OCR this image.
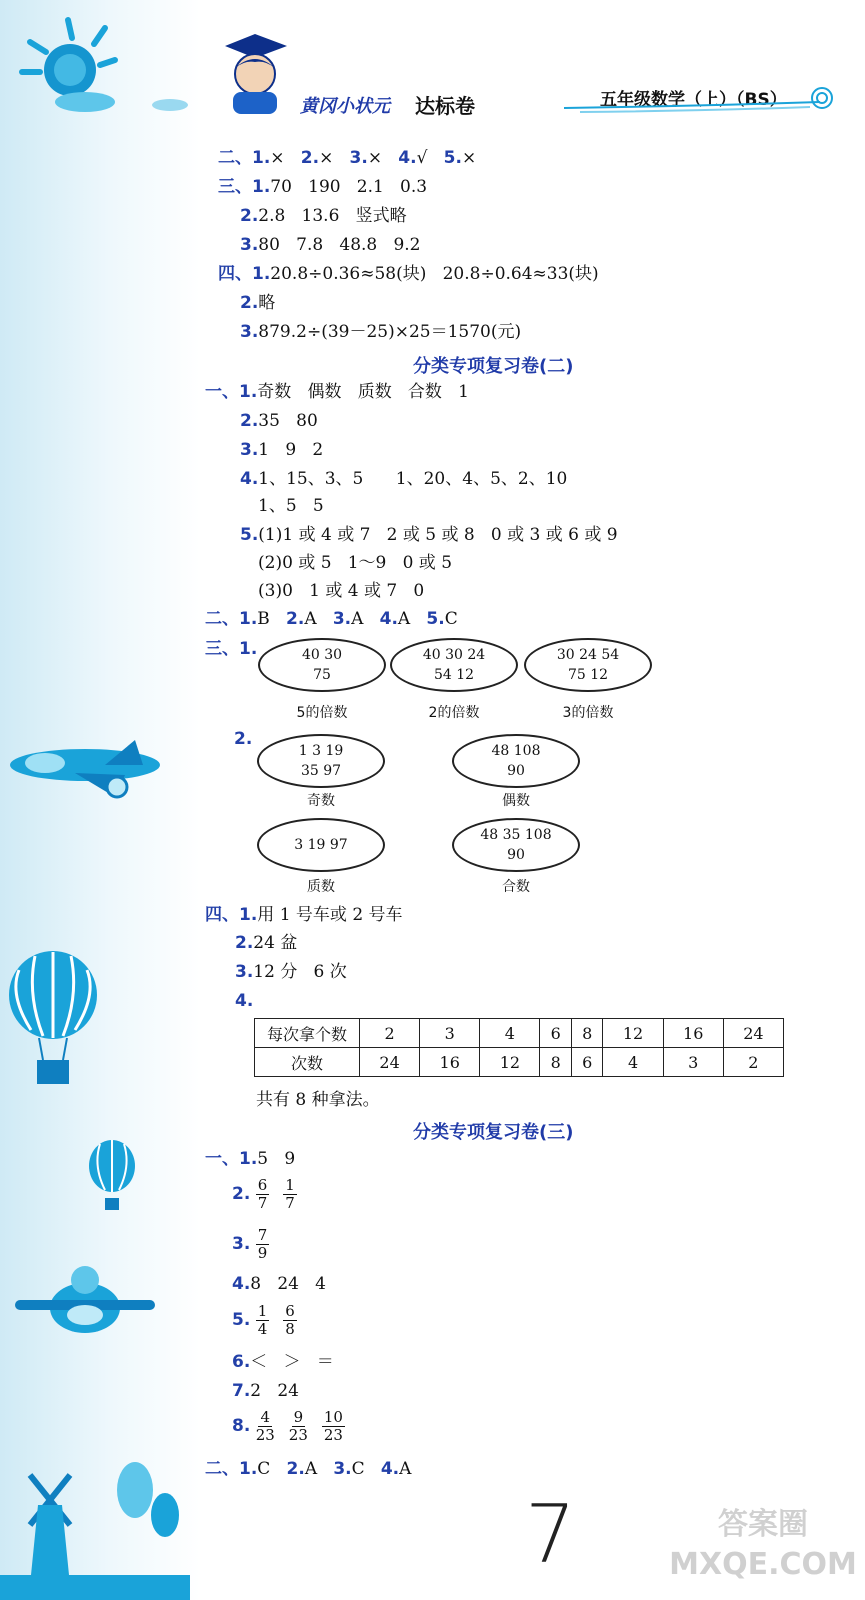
黄冈小状元 达标卷	五年级数学（上）（BS）
二、1.×   2.×   3.×   4.√   5.×
三、1.70   190   2.1   0.3
2.2.8   13.6   竖式略
3.80   7.8   48.8   9.2
四、1.20.8÷0.36≈58(块)   20.8÷0.64≈33(块)
2.略
3.879.2÷(39－25)×25＝1570(元)
分类专项复习卷(二)
一、1.奇数   偶数   质数   合数   1
2.35   80
3.1   9   2
4.1、15、3、5      1、20、4、5、2、10
1、5   5
5.(1)1 或 4 或 7   2 或 5 或 8   0 或 3 或 6 或 9
(2)0 或 5   1～9   0 或 5
(3)0   1 或 4 或 7   0
二、1.B   2.A   3.A   4.A   5.C
三、1.	40 30
75
5的倍数
40 30 24
54 12
2的倍数
30 24 54
75 12
3的倍数
2.
1 3 19
35 97
奇数
48 108
90
偶数
3 19 97
质数
48 35 108
90
合数
四、1.用 1 号车或 2 号车
2.24 盆
3.12 分   6 次
4.
每次拿个数	2	3	4	6	8	12	16	24
次数	24	16	12	8	6	4	3	2
共有 8 种拿法。
分类专项复习卷(三)
一、1.5   9
2. $\frac{6}{7} \frac{1}{7}$
3. $\frac{7}{9}$
4.8   24   4
5. $\frac{1}{4} \frac{6}{8}$
6.＜   ＞   ＝
7.2   24
8. $\frac{4}{23} \frac{9}{23} \frac{10}{23}$
二、1.C   2.A   3.C   4.A
7	答案圈 MXQE.COM
